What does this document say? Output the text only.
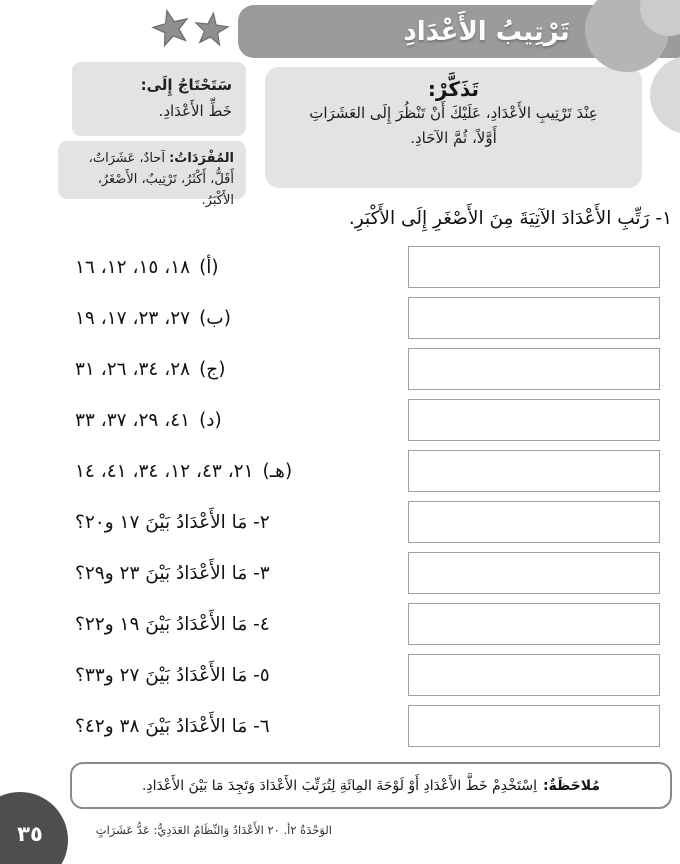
تَرْتِيبُ الأَعْدَادِ
سَتَحْتَاجُ إِلَى:
خَطِّ الأَعْدَادِ.
المُفْرَدَاتُ: آحادٌ، عَشَرَاتٌ، أَقَلُّ، أَكْثَرُ، تَرْتِيبٌ، الأَصْغَرُ، الأَكْبَرُ.
تَذَكَّرْ:
عِنْدَ تَرْتِيبِ الأَعْدَادِ، عَلَيْكَ أَنْ تَنْظُرَ إِلَى العَشَرَاتِ
أَوَّلاً، ثُمَّ الآحَادِ.
١- رَتِّبِ الأَعْدَادَ الآتِيَةَ مِنَ الأَصْغَرِ إِلَى الأَكْبَرِ.
(أ)
١٨، ١٥، ١٢، ١٦
(ب)
٢٧، ٢٣، ١٧، ١٩
(ج)
٢٨، ٣٤، ٢٦، ٣١
(د)
٤١، ٢٩، ٣٧، ٣٣
(هـ)
٢١، ٤٣، ١٢، ٣٤، ٤١، ١٤
٢- مَا الأَعْدَادُ بَيْنَ ١٧ و٢٠؟
٣- مَا الأَعْدَادُ بَيْنَ ٢٣ و٢٩؟
٤- مَا الأَعْدَادُ بَيْنَ ١٩ و٢٢؟
٥- مَا الأَعْدَادُ بَيْنَ ٢٧ و٣٣؟
٦- مَا الأَعْدَادُ بَيْنَ ٣٨ و٤٢؟
مُلاحَظَةٌ:
اِسْتَخْدِمْ خَطَّ الأَعْدَادِ أَوْ لَوْحَةَ المِائَةِ لِتُرَتِّبَ الأَعْدَادَ وَتَجِدَ مَا بَيْنَ الأَعْدَادِ.
الوَحْدَةُ ٢أ. ٢٠ الأَعْدَادُ وَالنِّظَامُ العَدَدِيُّ: عَدُّ عَشَرَاتٍ
٣٥
